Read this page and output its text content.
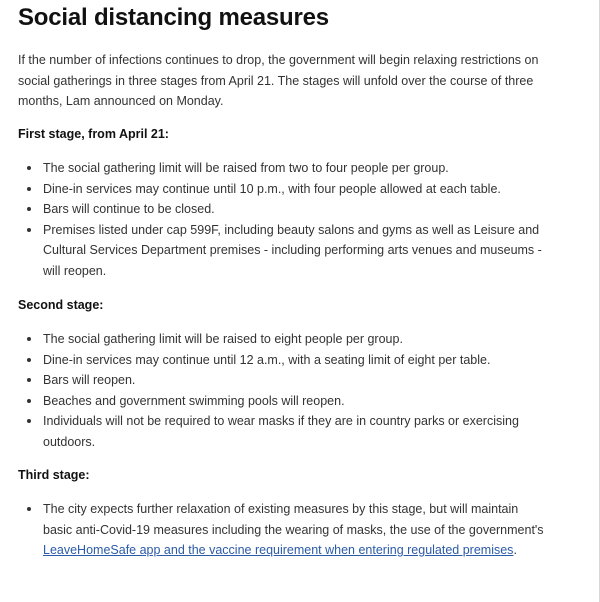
Social distancing measures

If the number of infections continues to drop, the government will begin relaxing restrictions on social gatherings in three stages from April 21. The stages will unfold over the course of three months, Lam announced on Monday.

First stage, from April 21:

The social gathering limit will be raised from two to four people per group.
Dine-in services may continue until 10 p.m., with four people allowed at each table.
Bars will continue to be closed.
Premises listed under cap 599F, including beauty salons and gyms as well as Leisure and Cultural Services Department premises - including performing arts venues and museums - will reopen.

Second stage:

The social gathering limit will be raised to eight people per group.
Dine-in services may continue until 12 a.m., with a seating limit of eight per table.
Bars will reopen.
Beaches and government swimming pools will reopen.
Individuals will not be required to wear masks if they are in country parks or exercising outdoors.

Third stage:

The city expects further relaxation of existing measures by this stage, but will maintain basic anti-Covid-19 measures including the wearing of masks, the use of the government's LeaveHomeSafe app and the vaccine requirement when entering regulated premises.
